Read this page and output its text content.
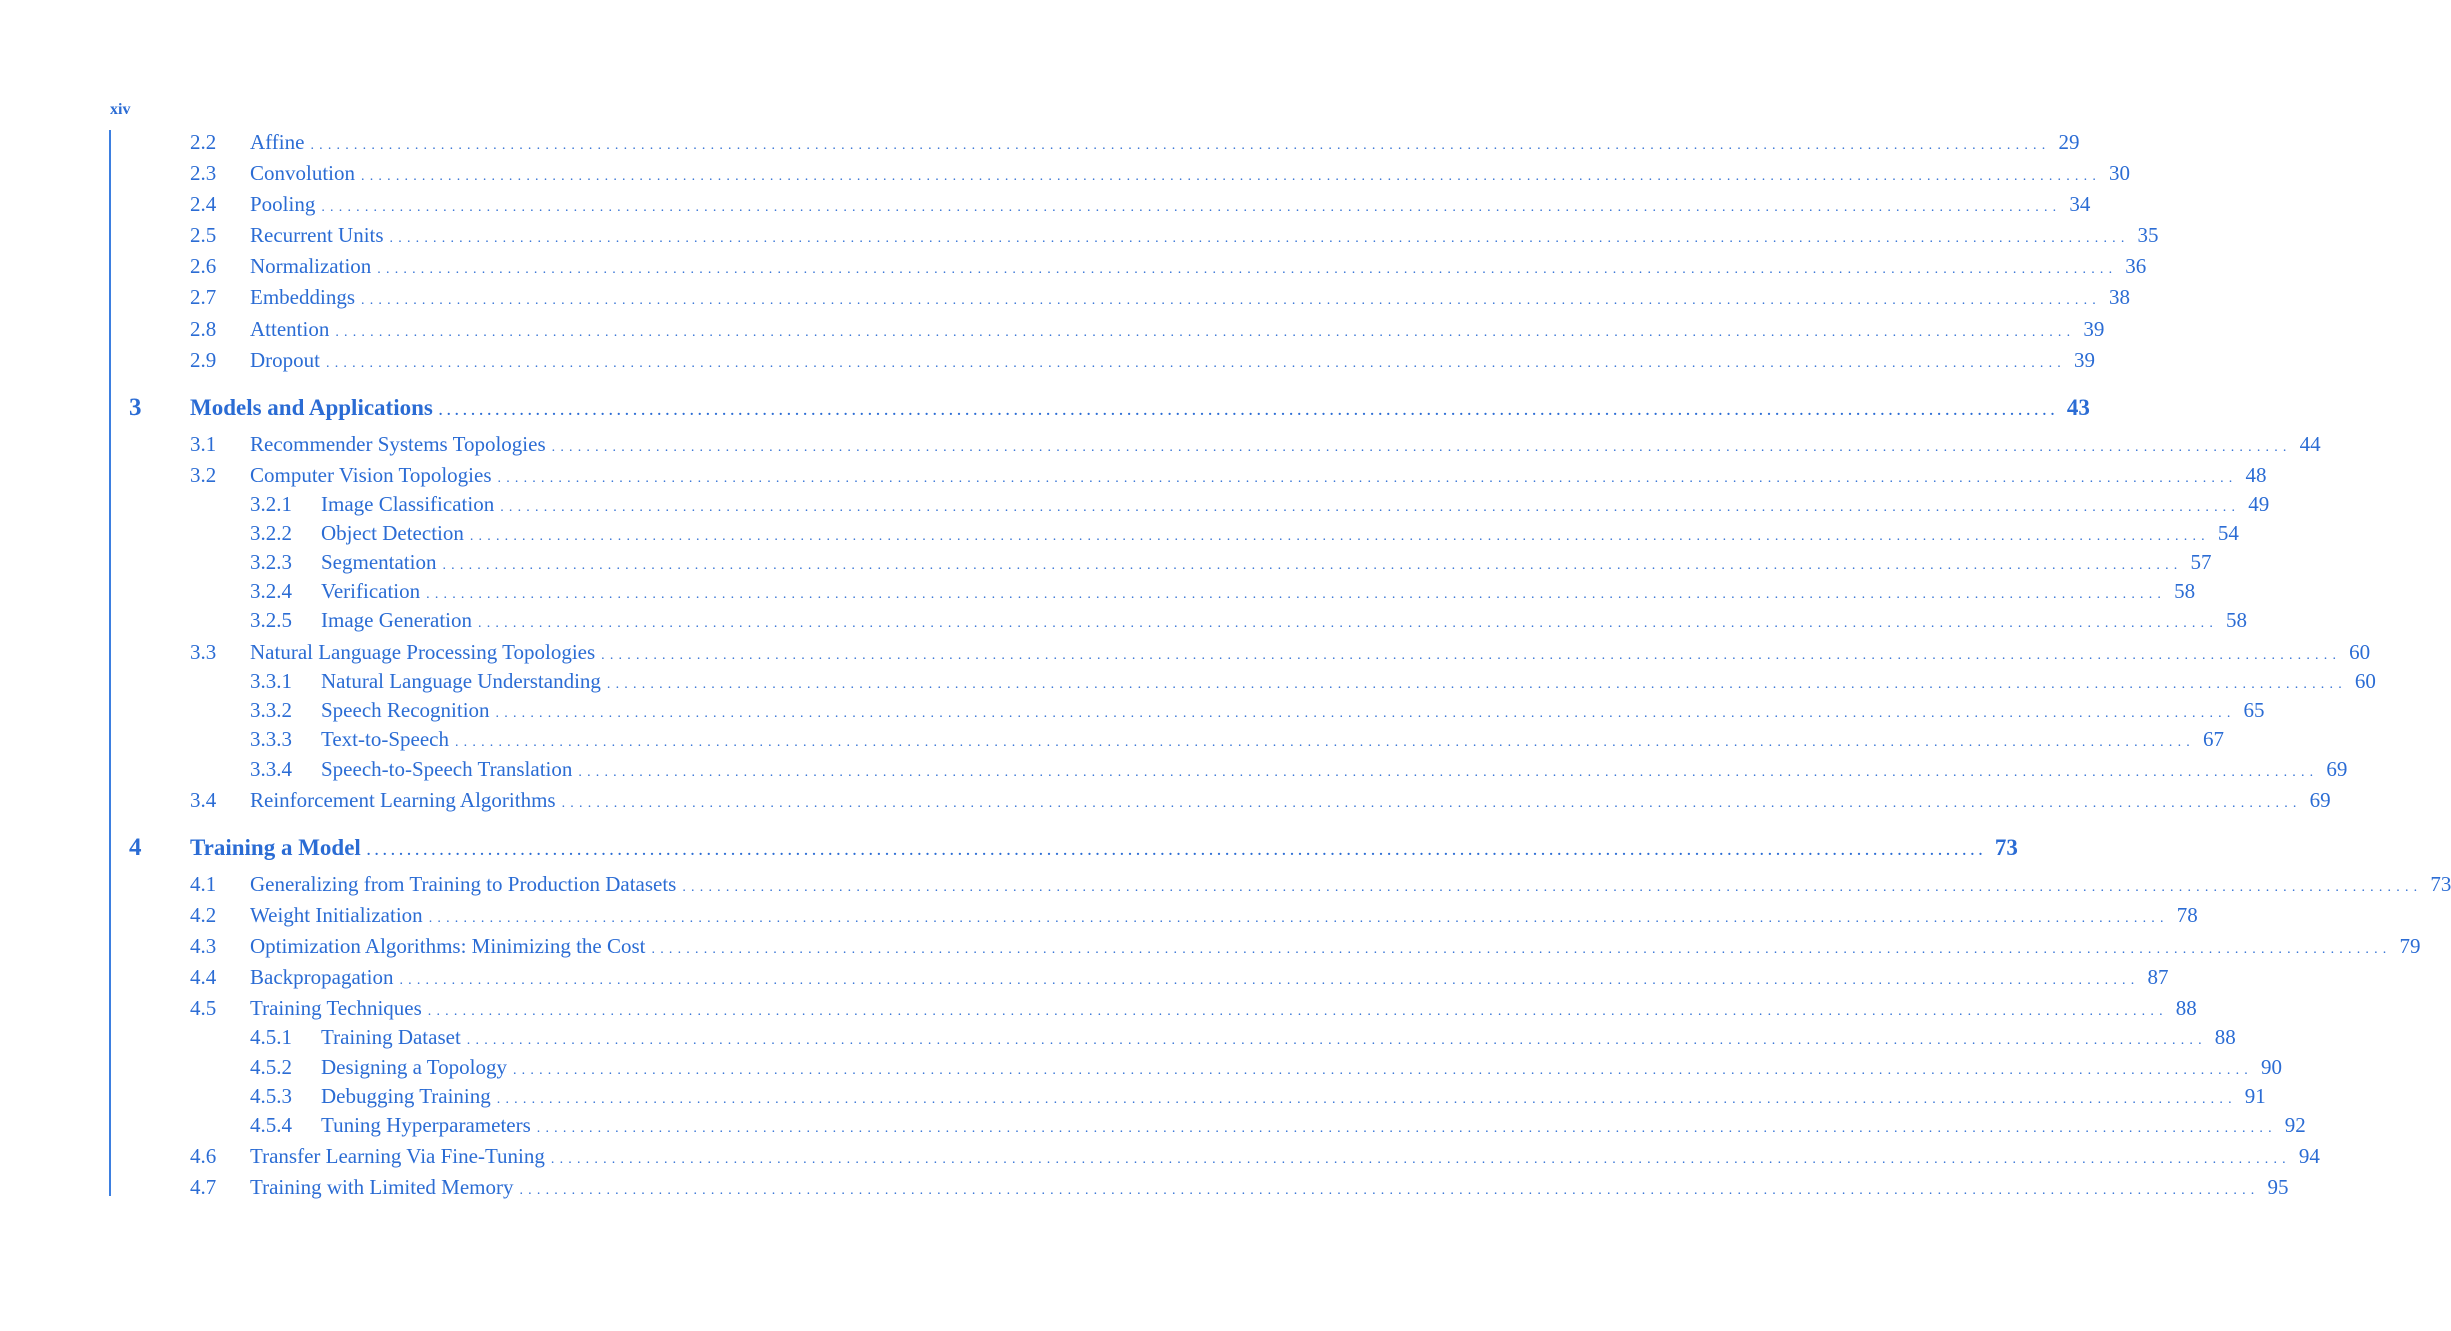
xiv
2.2 Affine ........................................................................................................................................................................................................ 29
2.3 Convolution ........................................................................................................................................................................................................ 30
2.4 Pooling ........................................................................................................................................................................................................ 34
2.5 Recurrent Units ........................................................................................................................................................................................................ 35
2.6 Normalization ........................................................................................................................................................................................................ 36
2.7 Embeddings ........................................................................................................................................................................................................ 38
2.8 Attention ........................................................................................................................................................................................................ 39
2.9 Dropout ........................................................................................................................................................................................................ 39
3 Models and Applications ........................................................................................................................................................................................................ 43
3.1 Recommender Systems Topologies ........................................................................................................................................................................................................ 44
3.2 Computer Vision Topologies ........................................................................................................................................................................................................ 48
3.2.1 Image Classification ........................................................................................................................................................................................................ 49
3.2.2 Object Detection ........................................................................................................................................................................................................ 54
3.2.3 Segmentation ........................................................................................................................................................................................................ 57
3.2.4 Verification ........................................................................................................................................................................................................ 58
3.2.5 Image Generation ........................................................................................................................................................................................................ 58
3.3 Natural Language Processing Topologies ........................................................................................................................................................................................................ 60
3.3.1 Natural Language Understanding ........................................................................................................................................................................................................ 60
3.3.2 Speech Recognition ........................................................................................................................................................................................................ 65
3.3.3 Text-to-Speech ........................................................................................................................................................................................................ 67
3.3.4 Speech-to-Speech Translation ........................................................................................................................................................................................................ 69
3.4 Reinforcement Learning Algorithms ........................................................................................................................................................................................................ 69
4 Training a Model ........................................................................................................................................................................................................ 73
4.1 Generalizing from Training to Production Datasets ........................................................................................................................................................................................................ 73
4.2 Weight Initialization ........................................................................................................................................................................................................ 78
4.3 Optimization Algorithms: Minimizing the Cost ........................................................................................................................................................................................................ 79
4.4 Backpropagation ........................................................................................................................................................................................................ 87
4.5 Training Techniques ........................................................................................................................................................................................................ 88
4.5.1 Training Dataset ........................................................................................................................................................................................................ 88
4.5.2 Designing a Topology ........................................................................................................................................................................................................ 90
4.5.3 Debugging Training ........................................................................................................................................................................................................ 91
4.5.4 Tuning Hyperparameters ........................................................................................................................................................................................................ 92
4.6 Transfer Learning Via Fine-Tuning ........................................................................................................................................................................................................ 94
4.7 Training with Limited Memory ........................................................................................................................................................................................................ 95
